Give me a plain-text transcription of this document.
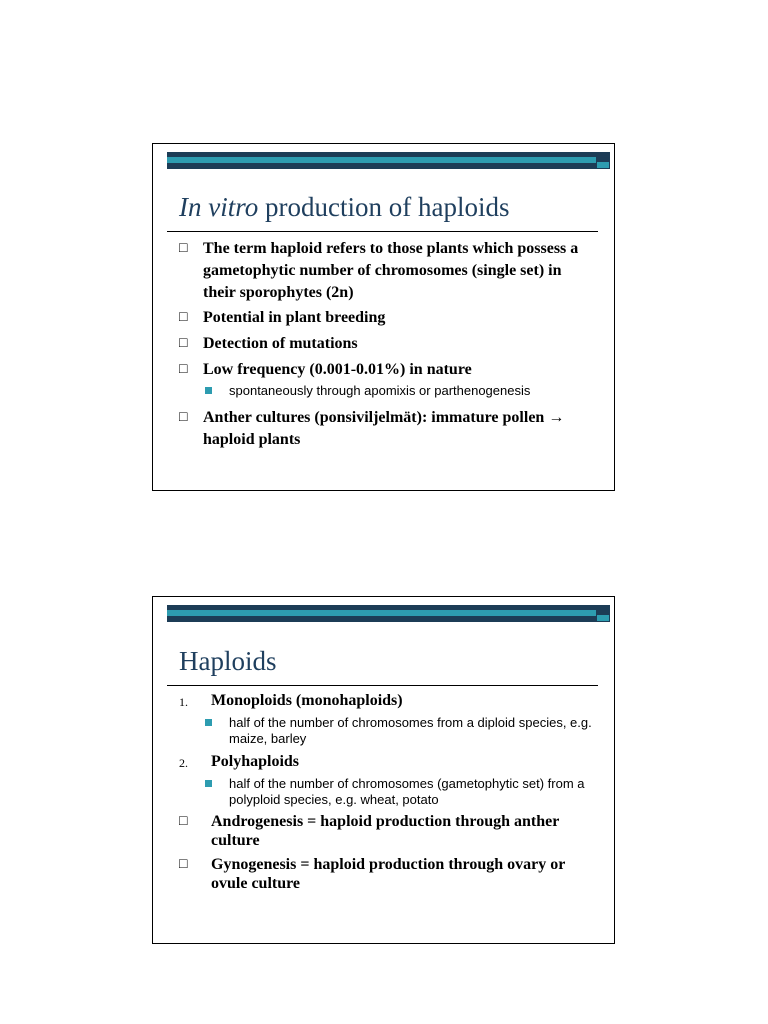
In vitro production of haploids
□ The term haploid refers to those plants which possess a gametophytic number of chromosomes (single set) in their sporophytes (2n)
□ Potential in plant breeding
□ Detection of mutations
□ Low frequency (0.001-0.01%) in nature
spontaneously through apomixis or parthenogenesis
□ Anther cultures (ponsiviljelmät): immature pollen → haploid plants
Haploids
1. Monoploids (monohaploids)
half of the number of chromosomes from a diploid species, e.g. maize, barley
2. Polyhaploids
half of the number of chromosomes (gametophytic set) from a polyploid species, e.g. wheat, potato
□ Androgenesis = haploid production through anther culture
□ Gynogenesis = haploid production through ovary or ovule culture
